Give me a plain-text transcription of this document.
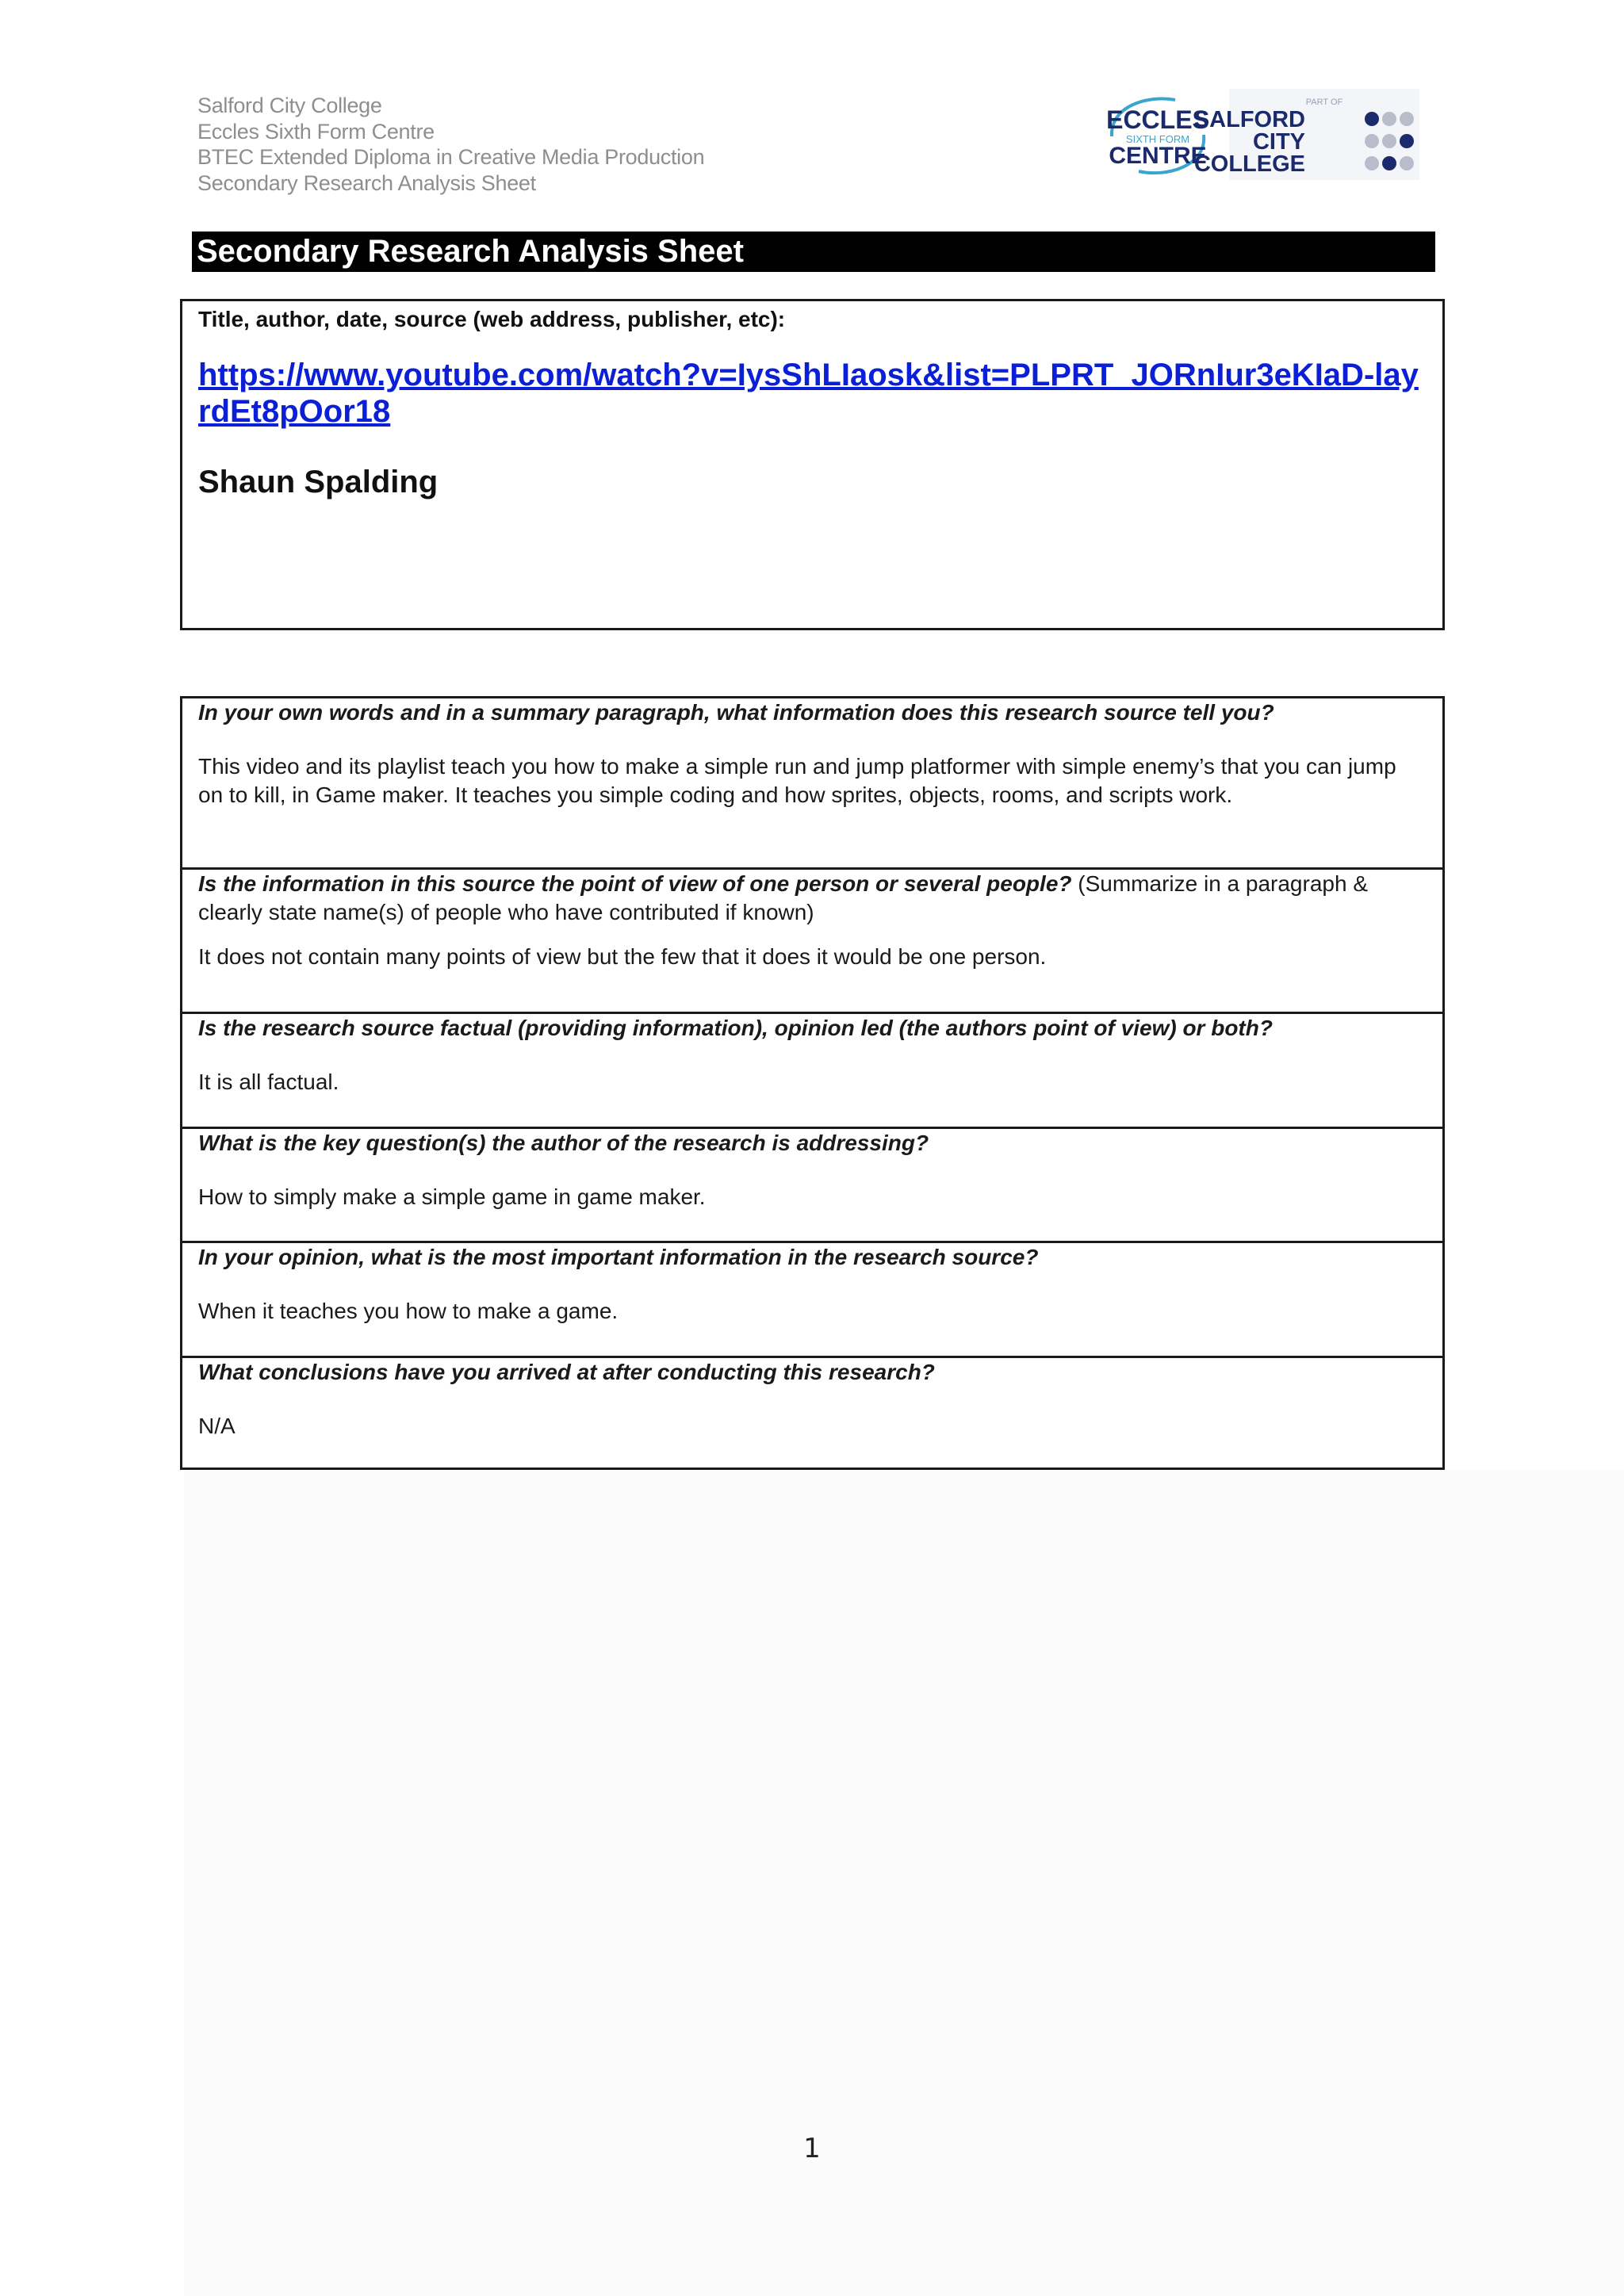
Salford City College
Eccles Sixth Form Centre
BTEC Extended Diploma in Creative Media Production
Secondary Research Analysis Sheet
ECCLES
SIXTH FORM
CENTRE
PART OF
SALFORD
CITY
COLLEGE
Secondary Research Analysis Sheet
Title, author, date, source (web address, publisher, etc):
https://www.youtube.com/watch?v=IysShLIaosk&list=PLPRT_JORnIur3eKIaD-layrdEt8pOor18
Shaun Spalding
In your own words and in a summary paragraph, what information does this research source tell you?
This video and its playlist teach you how to make a simple run and jump platformer with simple enemy’s that you can jump on to kill, in Game maker. It teaches you simple coding and how sprites, objects, rooms, and scripts work.
Is the information in this source the point of view of one person or several people? (Summarize in a paragraph & clearly state name(s) of people who have contributed if known)
It does not contain many points of view but the few that it does it would be one person.
Is the research source factual (providing information), opinion led (the authors point of view) or both?
It is all factual.
What is the key question(s) the author of the research is addressing?
How to simply make a simple game in game maker.
In your opinion, what is the most important information in the research source?
When it teaches you how to make a game.
What conclusions have you arrived at after conducting this research?
N/A
1
